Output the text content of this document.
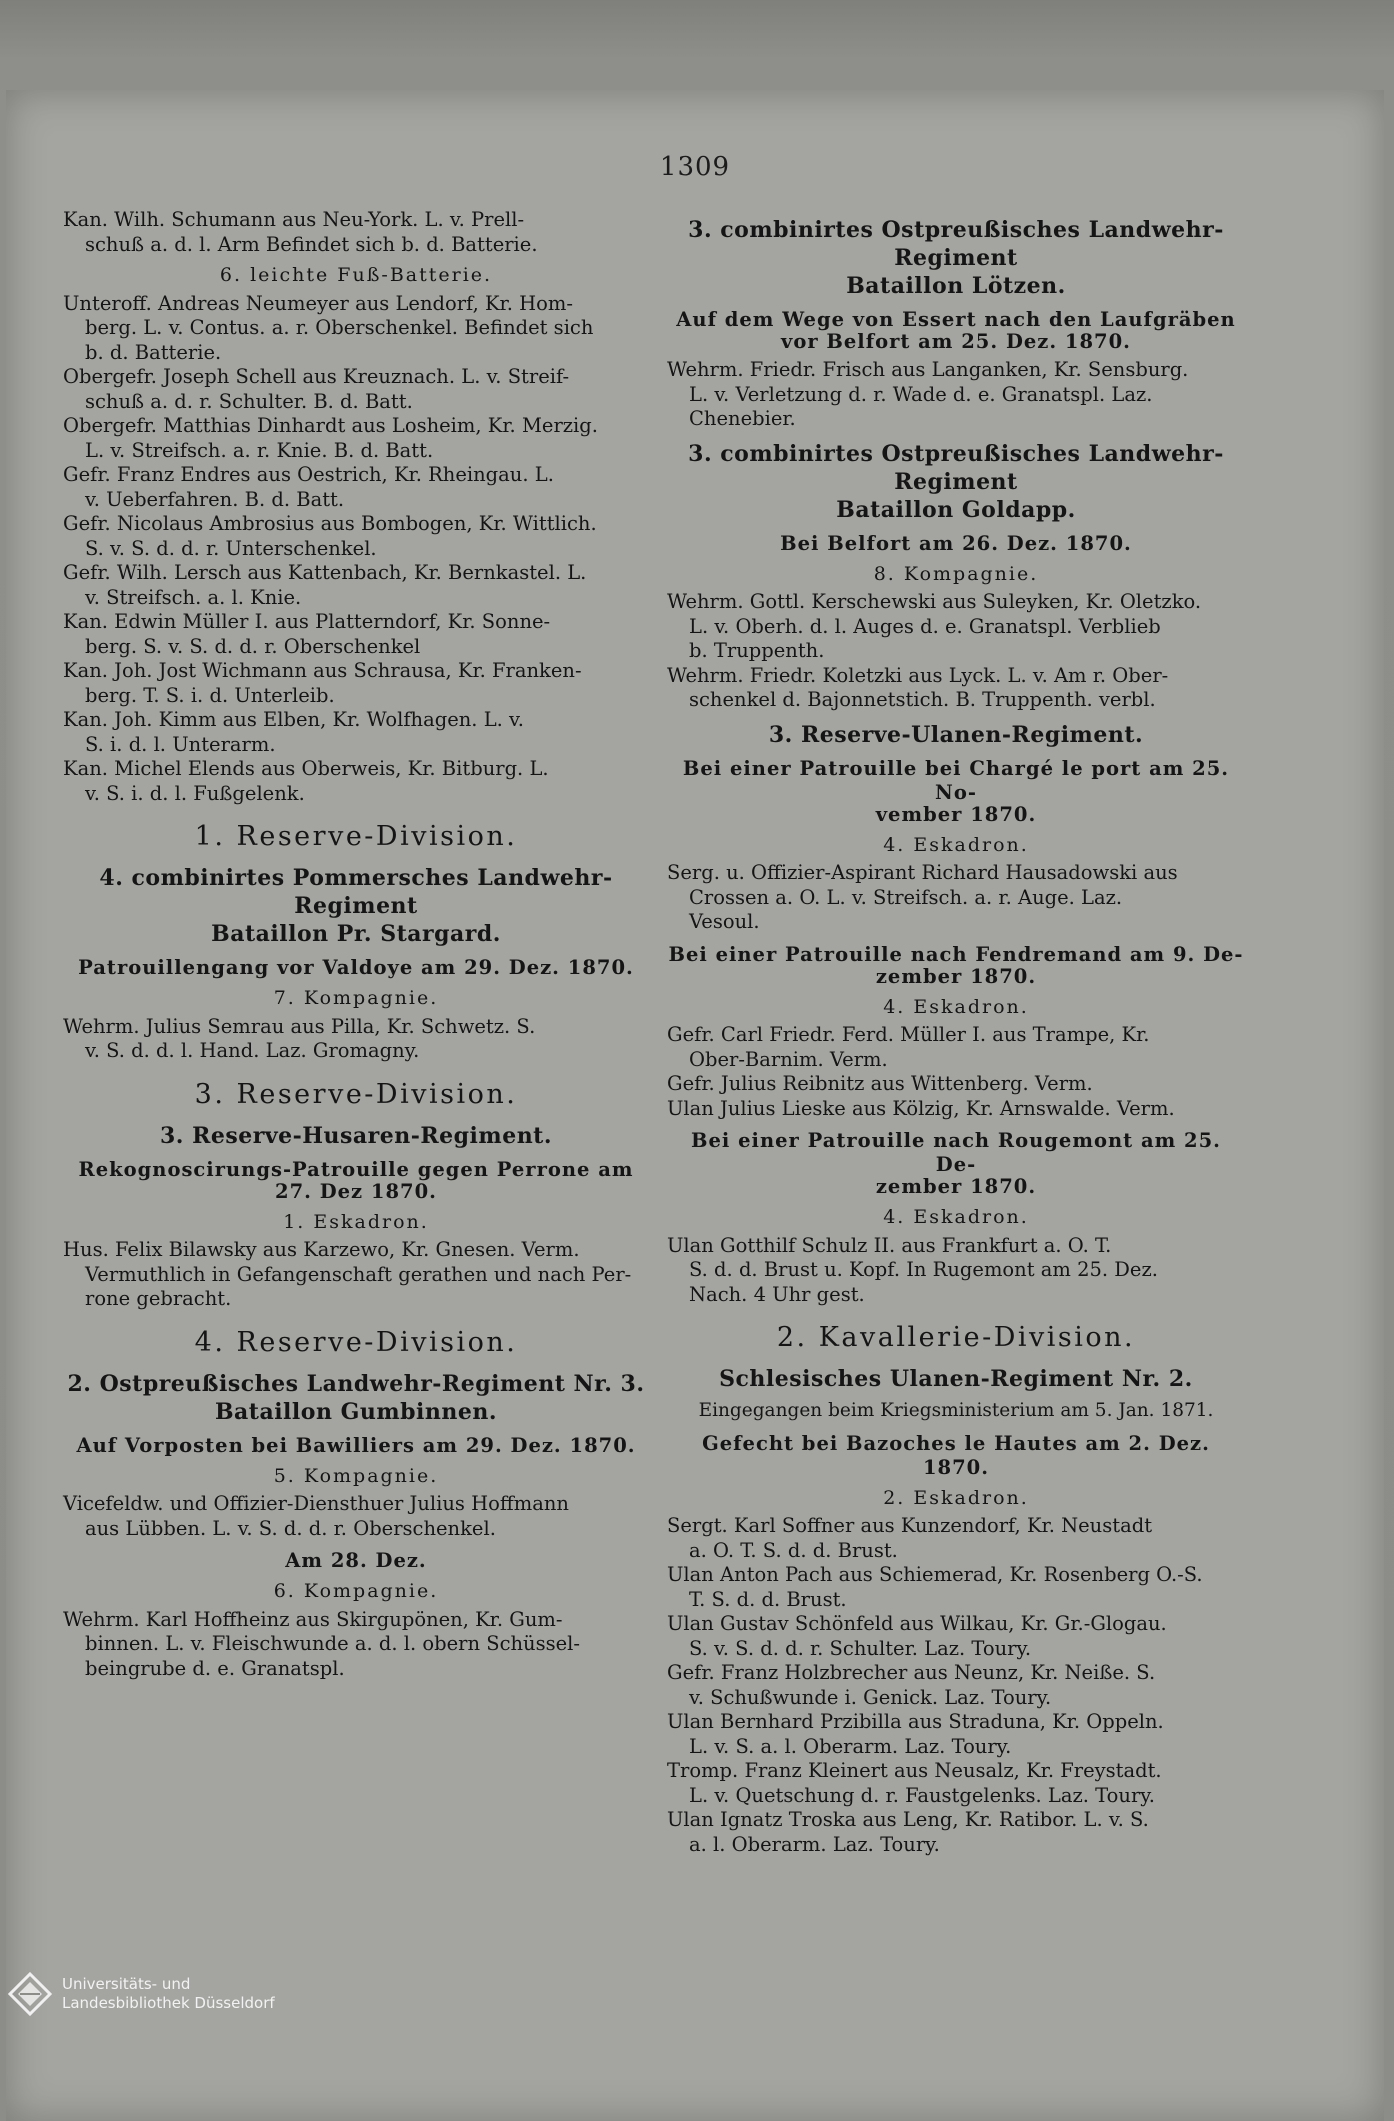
1309
Kan. Wilh. Schumann aus Neu-York. L. v. Prell-
schuß a. d. l. Arm Befindet sich b. d. Batterie.
6. leichte Fuß-Batterie.
Unteroff. Andreas Neumeyer aus Lendorf, Kr. Hom-
berg. L. v. Contus. a. r. Oberschenkel. Befindet sich
b. d. Batterie.
Obergefr. Joseph Schell aus Kreuznach. L. v. Streif-
schuß a. d. r. Schulter. B. d. Batt.
Obergefr. Matthias Dinhardt aus Losheim, Kr. Merzig.
L. v. Streifsch. a. r. Knie. B. d. Batt.
Gefr. Franz Endres aus Oestrich, Kr. Rheingau. L.
v. Ueberfahren. B. d. Batt.
Gefr. Nicolaus Ambrosius aus Bombogen, Kr. Wittlich.
S. v. S. d. d. r. Unterschenkel.
Gefr. Wilh. Lersch aus Kattenbach, Kr. Bernkastel. L.
v. Streifsch. a. l. Knie.
Kan. Edwin Müller I. aus Platterndorf, Kr. Sonne-
berg. S. v. S. d. d. r. Oberschenkel
Kan. Joh. Jost Wichmann aus Schrausa, Kr. Franken-
berg. T. S. i. d. Unterleib.
Kan. Joh. Kimm aus Elben, Kr. Wolfhagen. L. v.
S. i. d. l. Unterarm.
Kan. Michel Elends aus Oberweis, Kr. Bitburg. L.
v. S. i. d. l. Fußgelenk.
1. Reserve-Division.
4. combinirtes Pommersches Landwehr-Regiment
Bataillon Pr. Stargard.
Patrouillengang vor Valdoye am 29. Dez. 1870.
7. Kompagnie.
Wehrm. Julius Semrau aus Pilla, Kr. Schwetz. S.
v. S. d. d. l. Hand. Laz. Gromagny.
3. Reserve-Division.
3. Reserve-Husaren-Regiment.
Rekognoscirungs-Patrouille gegen Perrone am
27. Dez 1870.
1. Eskadron.
Hus. Felix Bilawsky aus Karzewo, Kr. Gnesen. Verm.
Vermuthlich in Gefangenschaft gerathen und nach Per-
rone gebracht.
4. Reserve-Division.
2. Ostpreußisches Landwehr-Regiment Nr. 3.
Bataillon Gumbinnen.
Auf Vorposten bei Bawilliers am 29. Dez. 1870.
5. Kompagnie.
Vicefeldw. und Offizier-Diensthuer Julius Hoffmann
aus Lübben. L. v. S. d. d. r. Oberschenkel.
Am 28. Dez.
6. Kompagnie.
Wehrm. Karl Hoffheinz aus Skirgupönen, Kr. Gum-
binnen. L. v. Fleischwunde a. d. l. obern Schüssel-
beingrube d. e. Granatspl.
3. combinirtes Ostpreußisches Landwehr-Regiment
Bataillon Lötzen.
Auf dem Wege von Essert nach den Laufgräben
vor Belfort am 25. Dez. 1870.
Wehrm. Friedr. Frisch aus Langanken, Kr. Sensburg.
L. v. Verletzung d. r. Wade d. e. Granatspl. Laz.
Chenebier.
3. combinirtes Ostpreußisches Landwehr-Regiment
Bataillon Goldapp.
Bei Belfort am 26. Dez. 1870.
8. Kompagnie.
Wehrm. Gottl. Kerschewski aus Suleyken, Kr. Oletzko.
L. v. Oberh. d. l. Auges d. e. Granatspl. Verblieb
b. Truppenth.
Wehrm. Friedr. Koletzki aus Lyck. L. v. Am r. Ober-
schenkel d. Bajonnetstich. B. Truppenth. verbl.
3. Reserve-Ulanen-Regiment.
Bei einer Patrouille bei Chargé le port am 25. No-
vember 1870.
4. Eskadron.
Serg. u. Offizier-Aspirant Richard Hausadowski aus
Crossen a. O. L. v. Streifsch. a. r. Auge. Laz.
Vesoul.
Bei einer Patrouille nach Fendremand am 9. De-
zember 1870.
4. Eskadron.
Gefr. Carl Friedr. Ferd. Müller I. aus Trampe, Kr.
Ober-Barnim. Verm.
Gefr. Julius Reibnitz aus Wittenberg. Verm.
Ulan Julius Lieske aus Kölzig, Kr. Arnswalde. Verm.
Bei einer Patrouille nach Rougemont am 25. De-
zember 1870.
4. Eskadron.
Ulan Gotthilf Schulz II. aus Frankfurt a. O. T.
S. d. d. Brust u. Kopf. In Rugemont am 25. Dez.
Nach. 4 Uhr gest.
2. Kavallerie-Division.
Schlesisches Ulanen-Regiment Nr. 2.
Eingegangen beim Kriegsministerium am 5. Jan. 1871.
Gefecht bei Bazoches le Hautes am 2. Dez. 1870.
2. Eskadron.
Sergt. Karl Soffner aus Kunzendorf, Kr. Neustadt
a. O. T. S. d. d. Brust.
Ulan Anton Pach aus Schiemerad, Kr. Rosenberg O.-S.
T. S. d. d. Brust.
Ulan Gustav Schönfeld aus Wilkau, Kr. Gr.-Glogau.
S. v. S. d. d. r. Schulter. Laz. Toury.
Gefr. Franz Holzbrecher aus Neunz, Kr. Neiße. S.
v. Schußwunde i. Genick. Laz. Toury.
Ulan Bernhard Przibilla aus Stradunа, Kr. Oppeln.
L. v. S. a. l. Oberarm. Laz. Toury.
Tromp. Franz Kleinert aus Neusalz, Kr. Freystadt.
L. v. Quetschung d. r. Faustgelenks. Laz. Toury.
Ulan Ignatz Troska aus Leng, Kr. Ratibor. L. v. S.
a. l. Oberarm. Laz. Toury.
Universitäts- und
Landesbibliothek Düsseldorf
